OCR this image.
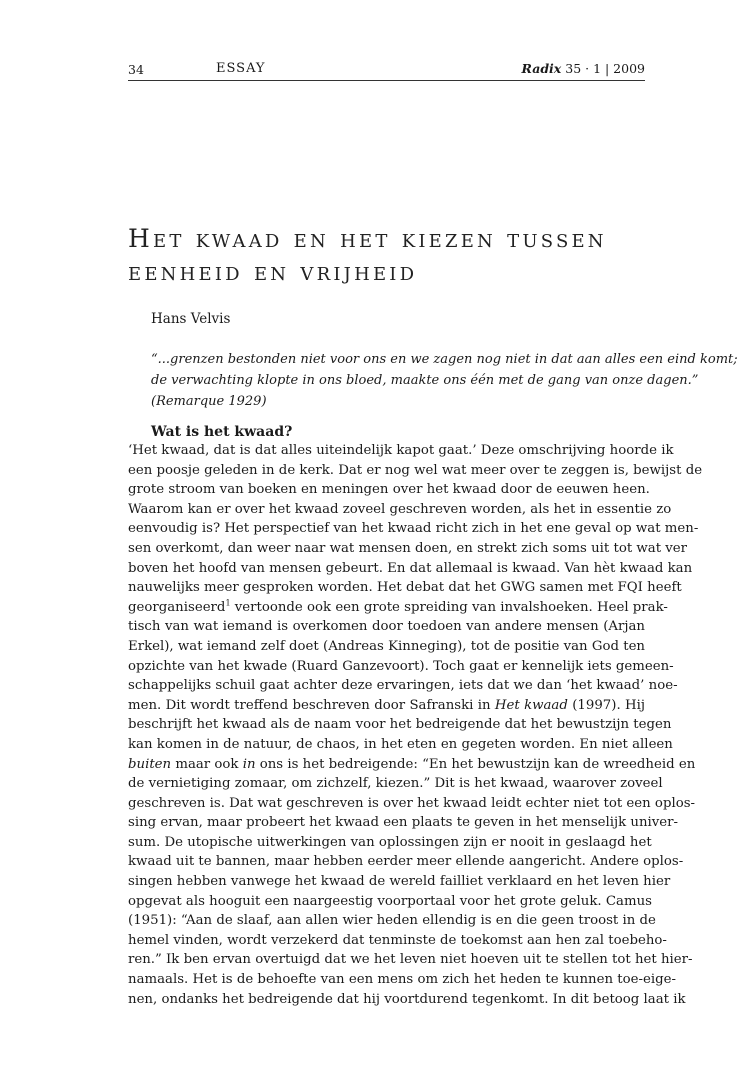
34	ESSAY	Radix 35 · 1 | 2009
Het kwaad en het kiezen tussen
eenheid en vrijheid
Hans Velvis

“...grenzen bestonden niet voor ons en we zagen nog niet in dat aan alles een eind komt;

de verwachting klopte in ons bloed, maakte ons één met de gang van onze dagen.”

(Remarque 1929)

Wat is het kwaad?
‘Het kwaad, dat is dat alles uiteindelijk kapot gaat.’ Deze omschrijving hoorde ik
een poosje geleden in de kerk. Dat er nog wel wat meer over te zeggen is, bewijst de
grote stroom van boeken en meningen over het kwaad door de eeuwen heen.
Waarom kan er over het kwaad zoveel geschreven worden, als het in essentie zo
eenvoudig is? Het perspectief van het kwaad richt zich in het ene geval op wat men-
sen overkomt, dan weer naar wat mensen doen, en strekt zich soms uit tot wat ver
boven het hoofd van mensen gebeurt. En dat allemaal is kwaad. Van hèt kwaad kan
nauwelijks meer gesproken worden. Het debat dat het GWG samen met FQI heeft
georganiseerd$^1$ vertoonde ook een grote spreiding van invalshoeken. Heel prak-
tisch van wat iemand is overkomen door toedoen van andere mensen (Arjan
Erkel), wat iemand zelf doet (Andreas Kinneging), tot de positie van God ten
opzichte van het kwade (Ruard Ganzevoort). Toch gaat er kennelijk iets gemeen-
schappelijks schuil gaat achter deze ervaringen, iets dat we dan ‘het kwaad’ noe-
men. Dit wordt treffend beschreven door Safranski in Het kwaad (1997). Hij
beschrijft het kwaad als de naam voor het bedreigende dat het bewustzijn tegen
kan komen in de natuur, de chaos, in het eten en gegeten worden. En niet alleen
buiten maar ook in ons is het bedreigende: “En het bewustzijn kan de wreedheid en
de vernietiging zomaar, om zichzelf, kiezen.” Dit is het kwaad, waarover zoveel
geschreven is. Dat wat geschreven is over het kwaad leidt echter niet tot een oplos-
sing ervan, maar probeert het kwaad een plaats te geven in het menselijk univer-
sum. De utopische uitwerkingen van oplossingen zijn er nooit in geslaagd het
kwaad uit te bannen, maar hebben eerder meer ellende aangericht. Andere oplos-
singen hebben vanwege het kwaad de wereld failliet verklaard en het leven hier
opgevat als hooguit een naargeestig voorportaal voor het grote geluk. Camus
(1951): “Aan de slaaf, aan allen wier heden ellendig is en die geen troost in de
hemel vinden, wordt verzekerd dat tenminste de toekomst aan hen zal toebeho-
ren.” Ik ben ervan overtuigd dat we het leven niet hoeven uit te stellen tot het hier-
namaals. Het is de behoefte van een mens om zich het heden te kunnen toe-eige-
nen, ondanks het bedreigende dat hij voortdurend tegenkomt. In dit betoog laat ik
